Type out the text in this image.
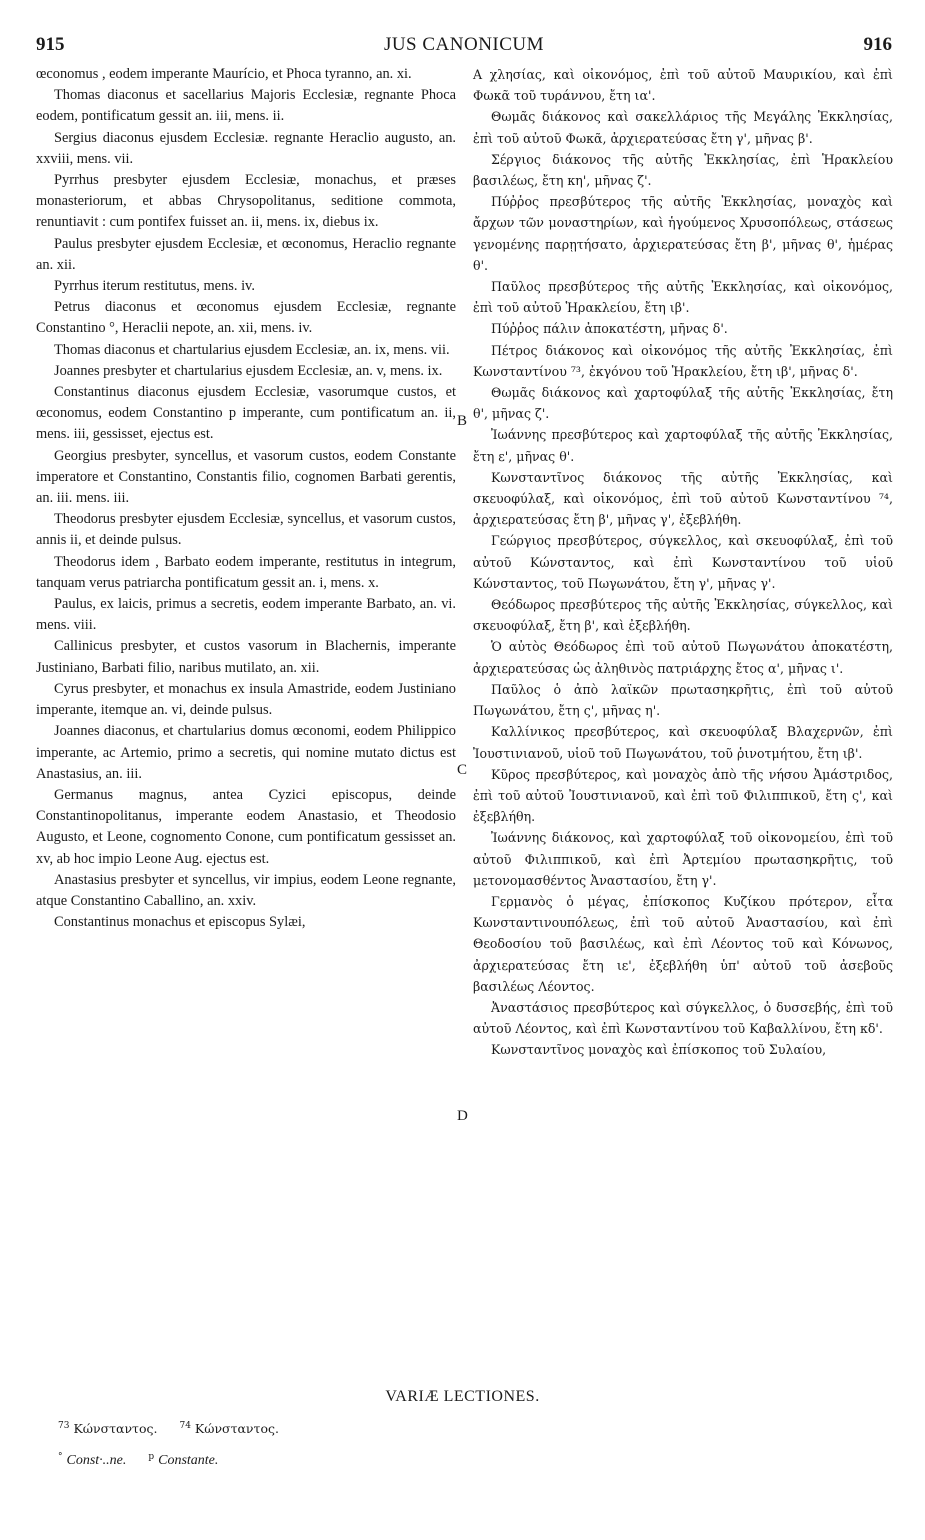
915	JUS CANONICUM	916

œconomus , eodem imperante Maurício, et Phoca tyranno, an. xi.

Thomas diaconus et sacellarius Majoris Ecclesiæ, regnante Phoca eodem, pontificatum gessit an. iii, mens. ii.

Sergius diaconus ejusdem Ecclesiæ. regnante Heraclio augusto, an. xxviii, mens. vii.

Pyrrhus presbyter ejusdem Ecclesiæ, monachus, et præses monasteriorum, et abbas Chrysopolitanus, seditione commota, renuntiavit : cum pontifex fuisset an. ii, mens. ix, diebus ix.

Paulus presbyter ejusdem Ecclesiæ, et œconomus, Heraclio regnante an. xii.

Pyrrhus iterum restitutus, mens. iv.

Petrus diaconus et œconomus ejusdem Ecclesiæ, regnante Constantino °, Heraclii nepote, an. xii, mens. iv.

Thomas diaconus et chartularius ejusdem Ecclesiæ, an. ix, mens. vii.

Joannes presbyter et chartularius ejusdem Ecclesiæ, an. v, mens. ix.

Constantinus diaconus ejusdem Ecclesiæ, vasorumque custos, et œconomus, eodem Constantino p imperante, cum pontificatum an. ii, mens. iii, gessisset, ejectus est.

Georgius presbyter, syncellus, et vasorum custos, eodem Constante imperatore et Constantino, Constantis filio, cognomen Barbati gerentis, an. iii. mens. iii.

Theodorus presbyter ejusdem Ecclesiæ, syncellus, et vasorum custos, annis ii, et deinde pulsus.

Theodorus idem , Barbato eodem imperante, restitutus in integrum, tanquam verus patriarcha pontificatum gessit an. i, mens. x.

Paulus, ex laicis, primus a secretis, eodem imperante Barbato, an. vi. mens. viii.

Callinicus presbyter, et custos vasorum in Blachernis, imperante Justiniano, Barbati filio, naribus mutilato, an. xii.

Cyrus presbyter, et monachus ex insula Amastride, eodem Justiniano imperante, itemque an. vi, deinde pulsus.

Joannes diaconus, et chartularius domus œconomi, eodem Philippico imperante, ac Artemio, primo a secretis, qui nomine mutato dictus est Anastasius, an. iii.

Germanus magnus, antea Cyzici episcopus, deinde Constantinopolitanus, imperante eodem Anastasio, et Theodosio Augusto, et Leone, cognomento Conone, cum pontificatum gessisset an. xv, ab hoc impio Leone Aug. ejectus est.

Anastasius presbyter et syncellus, vir impius, eodem Leone regnante, atque Constantino Caballino, an. xxiv.

Constantinus monachus et episcopus Sylæi,

A χλησίας, καὶ οἰκονόμος, ἐπὶ τοῦ αὐτοῦ Μαυρικίου, καὶ ἐπὶ Φωκᾶ τοῦ τυράννου, ἔτη ια'.

Θωμᾶς διάκονος καὶ σακελλάριος τῆς Μεγάλης Ἐκκλησίας, ἐπὶ τοῦ αὐτοῦ Φωκᾶ, ἀρχιερατεύσας ἔτη γ', μῆνας β'.

Σέργιος διάκονος τῆς αὐτῆς Ἐκκλησίας, ἐπὶ Ἡρακλείου βασιλέως, ἔτη κη', μῆνας ζ'.

Πύῤῥος πρεσβύτερος τῆς αὐτῆς Ἐκκλησίας, μοναχὸς καὶ ἄρχων τῶν μοναστηρίων, καὶ ἡγούμενος Χρυσοπόλεως, στάσεως γενομένης παρῃτήσατο, ἀρχιερατεύσας ἔτη β', μῆνας θ', ἡμέρας θ'.

Παῦλος πρεσβύτερος τῆς αὐτῆς Ἐκκλησίας, καὶ οἰκονόμος, ἐπὶ τοῦ αὐτοῦ Ἡρακλείου, ἔτη ιβ'.

Πύῤῥος πάλιν ἀποκατέστη, μῆνας δ'.

Πέτρος διάκονος καὶ οἰκονόμος τῆς αὐτῆς Ἐκκλησίας, ἐπὶ Κωνσταντίνου ⁷³, ἐκγόνου τοῦ Ἡρακλείου, ἔτη ιβ', μῆνας δ'.

Θωμᾶς διάκονος καὶ χαρτοφύλαξ τῆς αὐτῆς Ἐκκλησίας, ἔτη θ', μῆνας ζ'.

Ἰωάννης πρεσβύτερος καὶ χαρτοφύλαξ τῆς αὐτῆς Ἐκκλησίας, ἔτη ε', μῆνας θ'.

Κωνσταντῖνος διάκονος τῆς αὐτῆς Ἐκκλησίας, καὶ σκευοφύλαξ, καὶ οἰκονόμος, ἐπὶ τοῦ αὐτοῦ Κωνσταντίνου ⁷⁴, ἀρχιερατεύσας ἔτη β', μῆνας γ', ἐξεβλήθη.

Γεώργιος πρεσβύτερος, σύγκελλος, καὶ σκευοφύλαξ, ἐπὶ τοῦ αὐτοῦ Κώνσταντος, καὶ ἐπὶ Κωνσταντίνου τοῦ υἱοῦ Κώνσταντος, τοῦ Πωγωνάτου, ἔτη γ', μῆνας γ'.

Θεόδωρος πρεσβύτερος τῆς αὐτῆς Ἐκκλησίας, σύγκελλος, καὶ σκευοφύλαξ, ἔτη β', καὶ ἐξεβλήθη.

Ὁ αὐτὸς Θεόδωρος ἐπὶ τοῦ αὐτοῦ Πωγωνάτου ἀποκατέστη, ἀρχιερατεύσας ὡς ἀληθινὸς πατριάρχης ἔτος α', μῆνας ι'.

Παῦλος ὁ ἀπὸ λαϊκῶν πρωτασηκρῆτις, ἐπὶ τοῦ αὐτοῦ Πωγωνάτου, ἔτη ς', μῆνας η'.

Καλλίνικος πρεσβύτερος, καὶ σκευοφύλαξ Βλαχερνῶν, ἐπὶ Ἰουστινιανοῦ, υἱοῦ τοῦ Πωγωνάτου, τοῦ ῥινοτμήτου, ἔτη ιβ'.

Κῦρος πρεσβύτερος, καὶ μοναχὸς ἀπὸ τῆς νήσου Ἀμάστριδος, ἐπὶ τοῦ αὐτοῦ Ἰουστινιανοῦ, καὶ ἐπὶ τοῦ Φιλιππικοῦ, ἔτη ς', καὶ ἐξεβλήθη.

Ἰωάννης διάκονος, καὶ χαρτοφύλαξ τοῦ οἰκονομείου, ἐπὶ τοῦ αὐτοῦ Φιλιππικοῦ, καὶ ἐπὶ Ἀρτεμίου πρωτασηκρῆτις, τοῦ μετονομασθέντος Ἀναστασίου, ἔτη γ'.

Γερμανὸς ὁ μέγας, ἐπίσκοπος Κυζίκου πρότερον, εἶτα Κωνσταντινουπόλεως, ἐπὶ τοῦ αὐτοῦ Ἀναστασίου, καὶ ἐπὶ Θεοδοσίου τοῦ βασιλέως, καὶ ἐπὶ Λέοντος τοῦ καὶ Κόνωνος, ἀρχιερατεύσας ἔτη ιε', ἐξεβλήθη ὑπ' αὐτοῦ τοῦ ἀσεβοῦς βασιλέως Λέοντος.

Ἀναστάσιος πρεσβύτερος καὶ σύγκελλος, ὁ δυσσεβής, ἐπὶ τοῦ αὐτοῦ Λέοντος, καὶ ἐπὶ Κωνσταντίνου τοῦ Καβαλλίνου, ἔτη κδ'.

Κωνσταντῖνος μοναχὸς καὶ ἐπίσκοπος τοῦ Συλαίου,

B
C
D
VARIÆ LECTIONES.
$^{73}$ Κώνσταντος. $^{74}$ Κώνσταντος.
° Const·..ne. $^p$ Constante.
